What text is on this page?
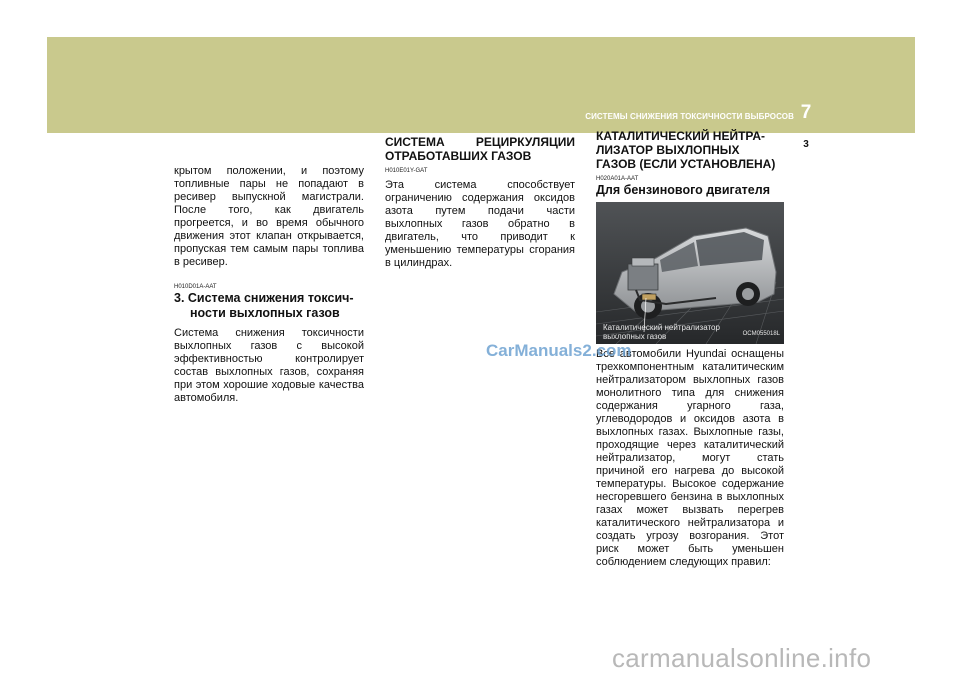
СИСТЕМЫ СНИЖЕНИЯ ТОКСИЧНОСТИ ВЫБРОСОВ 7
3

крытом положении, и поэтому топливные пары не попадают в ресивер выпускной магистрали. После того, как двигатель прогреется, и во время обычного движения этот клапан открывается, пропуская тем самым пары топлива в ресивер.

H010D01A-AAT

3. Система снижения токсич-
ности выхлопных газов

Система снижения токсичности выхлопных газов с высокой эффективностью контролирует состав выхлопных газов, сохраняя при этом хорошие ходовые качества автомобиля.

СИСТЕМА РЕЦИРКУЛЯЦИИ
ОТРАБОТАВШИХ ГАЗОВ

H010E01Y-GAT

Эта система способствует ограничению содержания оксидов азота путем подачи части выхлопных газов обратно в двигатель, что приводит к уменьшению температуры сгорания в цилиндрах.

КАТАЛИТИЧЕСКИЙ НЕЙТРА-
ЛИЗАТОР ВЫХЛОПНЫХ
ГАЗОВ (ЕСЛИ УСТАНОВЛЕНА)

H020A01A-AAT

Для бензинового двигателя
Каталитический нейтрализатор
выхлопных газов	OCM055018L

Все автомобили Hyundai оснащены трехкомпонентным каталитическим нейтрализатором выхлопных газов монолитного типа для снижения содержания угарного газа, углеводородов и оксидов азота в выхлопных газах. Выхлопные газы, проходящие через каталитический нейтрализатор, могут стать причиной его нагрева до высокой температуры. Высокое содержание несгоревшего бензина в выхлопных газах может вызвать перегрев каталитического нейтрализатора и создать угрозу возгорания. Этот риск может быть уменьшен соблюдением следующих правил:

CarManuals2.com
carmanualsonline.info
